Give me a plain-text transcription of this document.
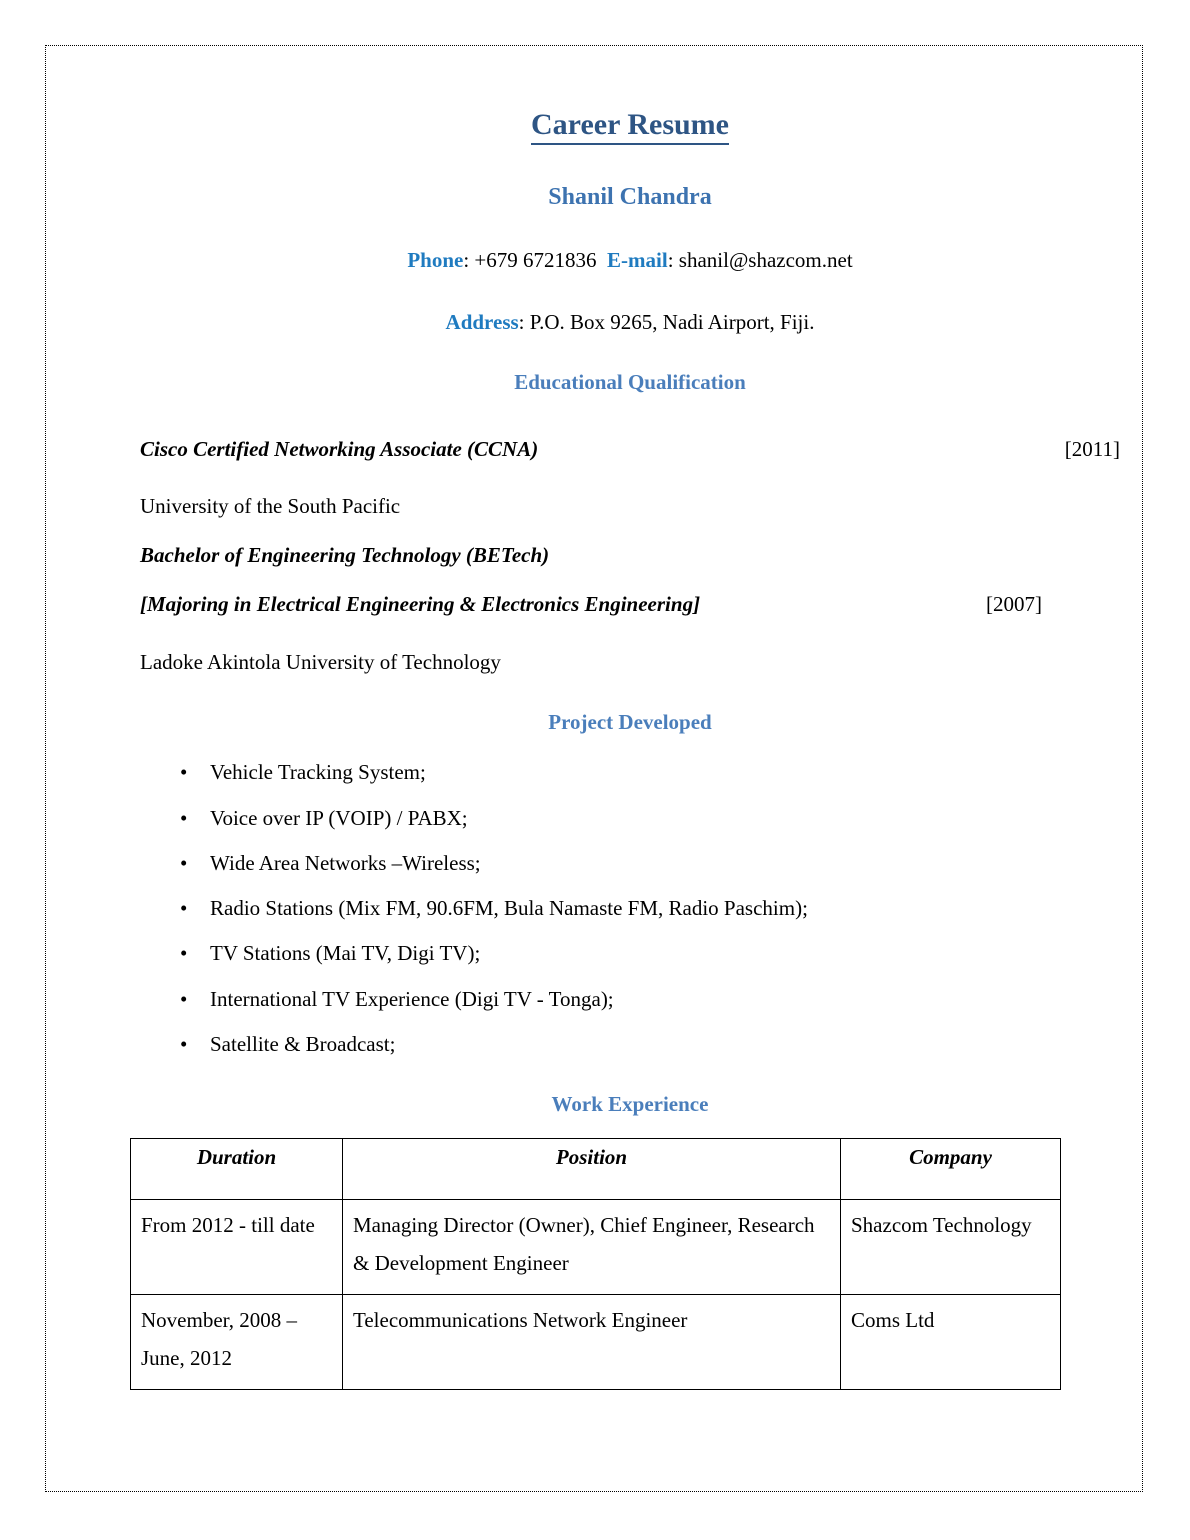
Career Resume
Shanil Chandra

Phone: +679 6721836 E-mail: shanil@shazcom.net

Address: P.O. Box 9265, Nadi Airport, Fiji.

Educational Qualification
Cisco Certified Networking Associate (CCNA)	[2011]
University of the South Pacific
Bachelor of Engineering Technology (BETech)
[Majoring in Electrical Engineering & Electronics Engineering]	[2007]
Ladoke Akintola University of Technology
Project Developed
• Vehicle Tracking System;
• Voice over IP (VOIP) / PABX;
• Wide Area Networks –Wireless;
• Radio Stations (Mix FM, 90.6FM, Bula Namaste FM, Radio Paschim);
• TV Stations (Mai TV, Digi TV);
• International TV Experience (Digi TV - Tonga);
• Satellite & Broadcast;
Work Experience
Duration	Position	Company
From 2012 - till date	Managing Director (Owner), Chief Engineer, Research & Development Engineer	Shazcom Technology
November, 2008 – June, 2012	Telecommunications Network Engineer	Coms Ltd
